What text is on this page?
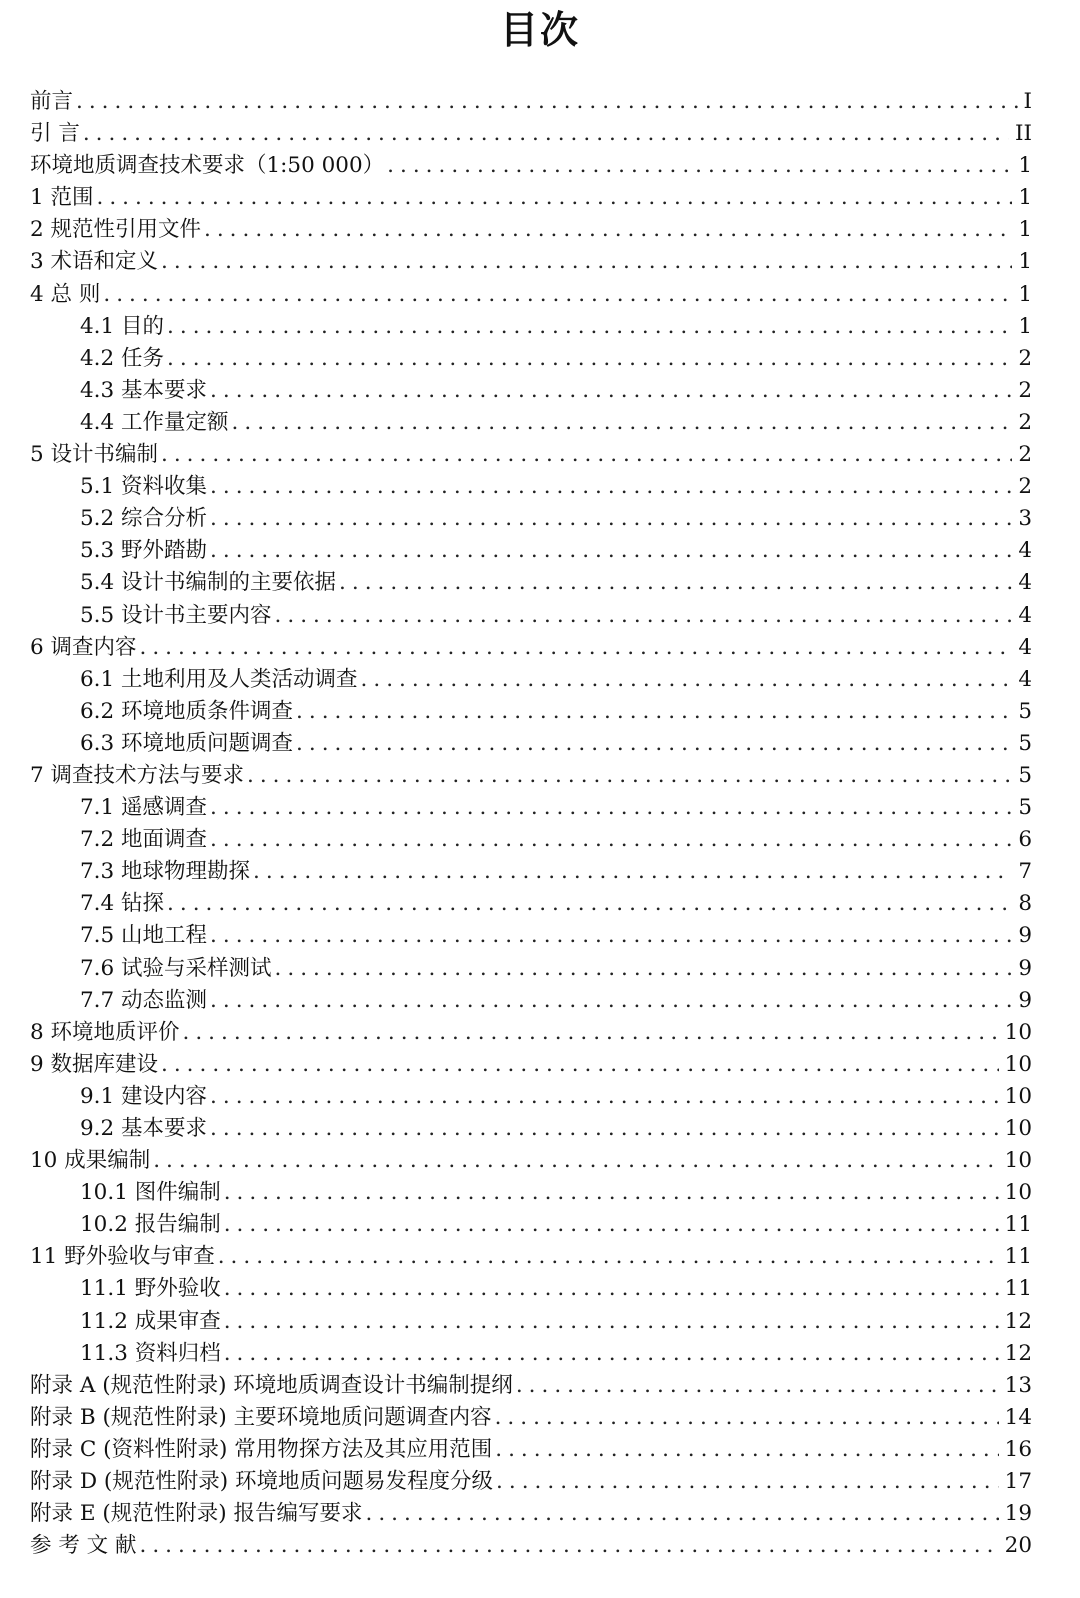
目次
前言 .....	I
引 言 .....	II
环境地质调查技术要求（1:50 000） .....	1
1 范围 .....	1
2 规范性引用文件 .....	1
3 术语和定义 .....	1
4 总 则 .....	1
4.1 目的 .....	1
4.2 任务 .....	2
4.3 基本要求 .....	2
4.4 工作量定额 .....	2
5 设计书编制 .....	2
5.1 资料收集 .....	2
5.2 综合分析 .....	3
5.3 野外踏勘 .....	4
5.4 设计书编制的主要依据 .....	4
5.5 设计书主要内容 .....	4
6 调查内容 .....	4
6.1 土地利用及人类活动调查 .....	4
6.2 环境地质条件调查 .....	5
6.3 环境地质问题调查 .....	5
7 调查技术方法与要求 .....	5
7.1 遥感调查 .....	5
7.2 地面调查 .....	6
7.3 地球物理勘探 .....	7
7.4 钻探 .....	8
7.5 山地工程 .....	9
7.6 试验与采样测试 .....	9
7.7 动态监测 .....	9
8 环境地质评价 .....	10
9 数据库建设 .....	10
9.1 建设内容 .....	10
9.2 基本要求 .....	10
10 成果编制 .....	10
10.1 图件编制 .....	10
10.2 报告编制 .....	11
11 野外验收与审查 .....	11
11.1 野外验收 .....	11
11.2 成果审查 .....	12
11.3 资料归档 .....	12
附录 A (规范性附录) 环境地质调查设计书编制提纲 .....	13
附录 B (规范性附录) 主要环境地质问题调查内容 .....	14
附录 C (资料性附录) 常用物探方法及其应用范围 .....	16
附录 D (规范性附录) 环境地质问题易发程度分级 .....	17
附录 E (规范性附录) 报告编写要求 .....	19
参 考 文 献 .....	20
